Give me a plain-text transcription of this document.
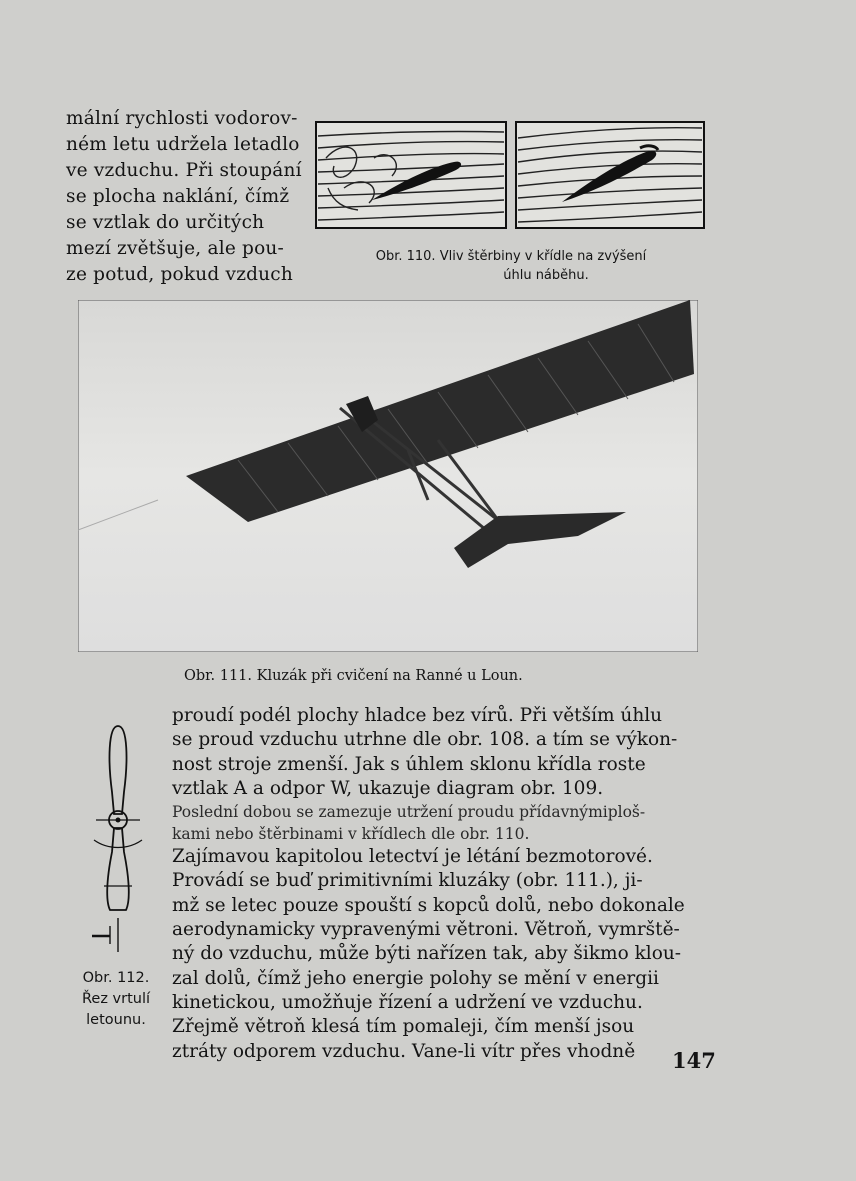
mální rychlosti vodorov-
ném letu udržela letadlo
ve vzduchu. Při stoupání
se plocha naklání, čímž
se vztlak do určitých
mezí zvětšuje, ale pou-
ze potud, pokud vzduch
Obr. 110. Vliv štěrbiny v křídle na zvýšení
úhlu náběhu.
Obr. 111. Kluzák při cvičení na Ranné u Loun.
Obr. 112.
Řez vrtulí
letounu.
proudí podél plochy hladce bez vírů. Při větším úhlu
se proud vzduchu utrhne dle obr. 108. a tím se výkon-
nost stroje zmenší. Jak s úhlem sklonu křídla roste
vztlak A a odpor W, ukazuje diagram obr. 109.
Poslední dobou se zamezuje utržení proudu přídavnýmiploš-
kami nebo štěrbinami v křídlech dle obr. 110.
Zajímavou kapitolou letectví je létání bezmotorové.
Provádí se buď primitivními kluzáky (obr. 111.), ji-
mž se letec pouze spouští s kopců dolů, nebo dokonale
aerodynamicky vypravenými větroni. Větroň, vymrště-
ný do vzduchu, může býti nařízen tak, aby šikmo klou-
zal dolů, čímž jeho energie polohy se mění v energii
kinetickou, umožňuje řízení a udržení ve vzduchu.
Zřejmě větroň klesá tím pomaleji, čím menší jsou
ztráty odporem vzduchu. Vane-li vítr přes vhodně	147
